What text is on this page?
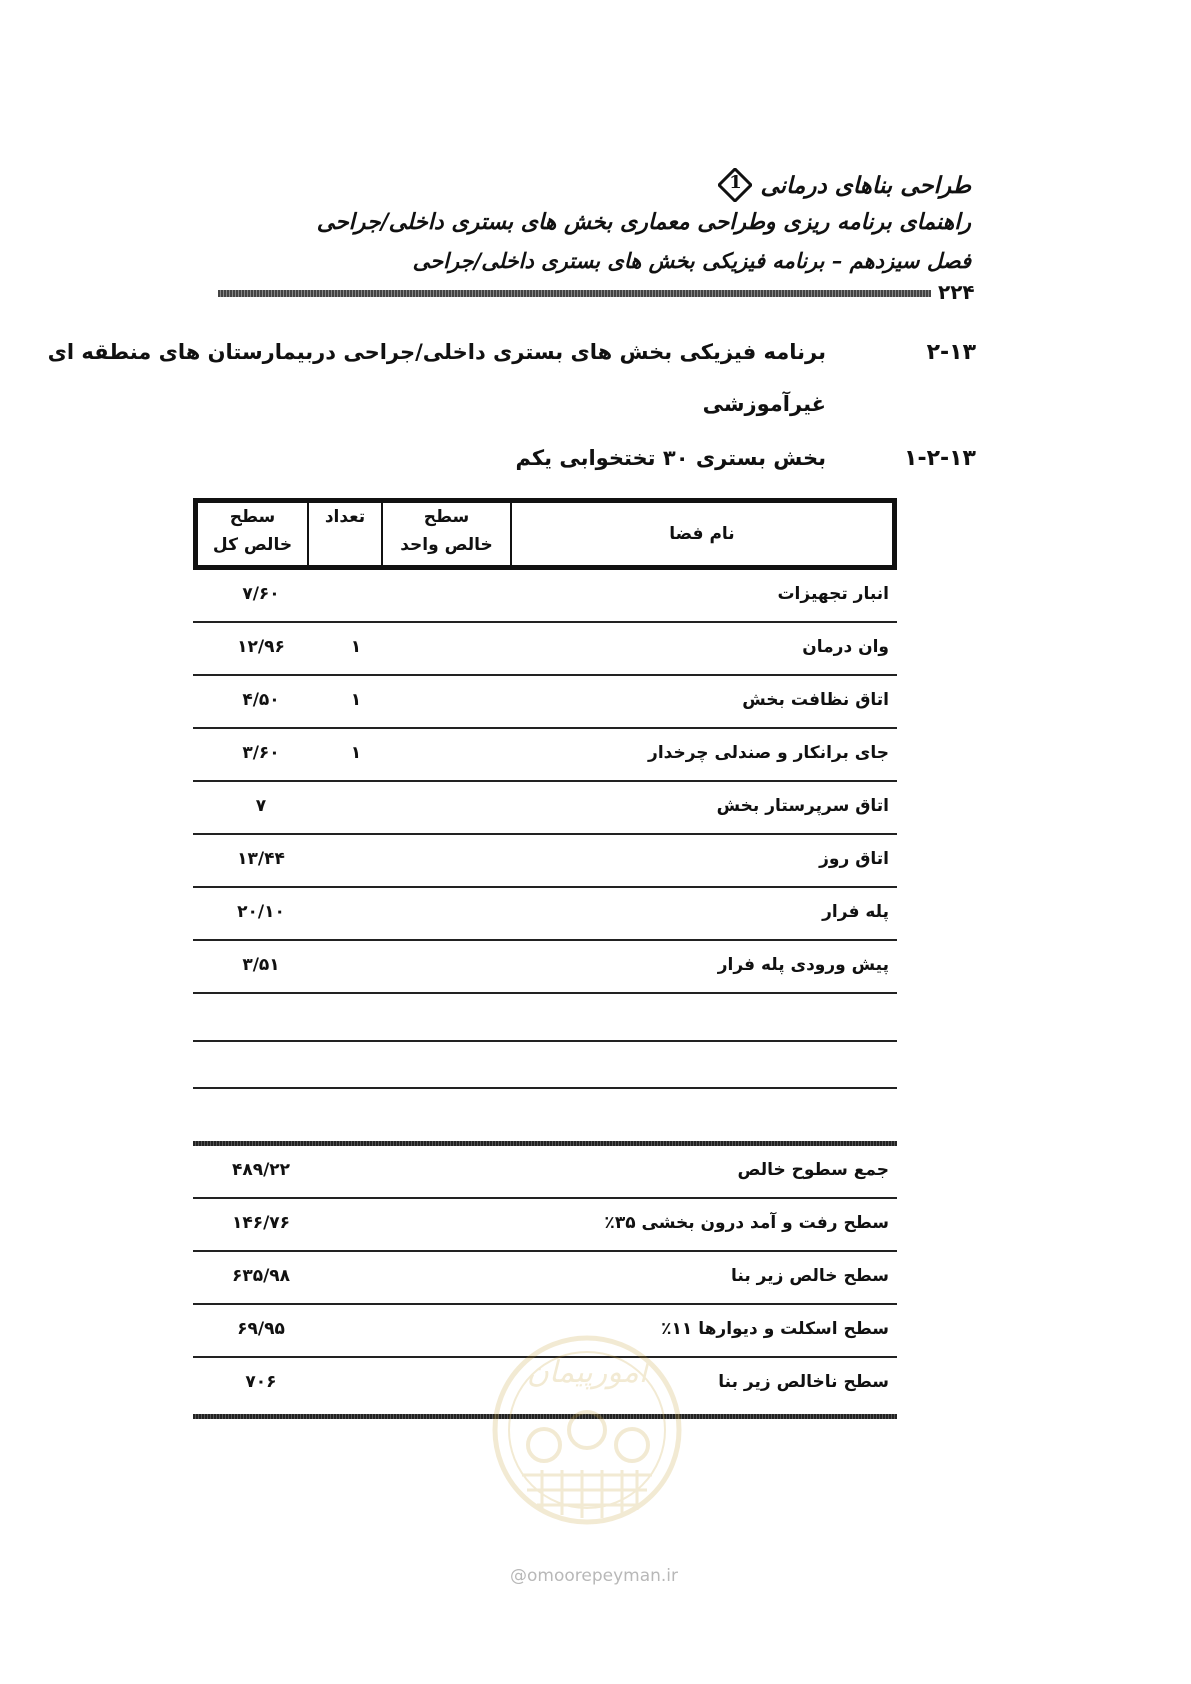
طراحی بناهای درمانی
1
راهنمای برنامه ریزی وطراحی معماری بخش های بستری داخلی/جراحی
فصل سیزدهم – برنامه فیزیکی بخش های بستری داخلی/جراحی
۲۲۴
۲-۱۳
برنامه فیزیکی بخش های بستری داخلی/جراحی دربیمارستان های منطقه ای
غیرآموزشی
۱-۲-۱۳
بخش بستری ۳۰ تختخوابی یکم
نام فضا
سطح
خالص واحد
تعداد
سطح
خالص کل
انبار تجهیزات
۷/۶۰
وان درمان
۱
۱۲/۹۶
اتاق نظافت بخش
۱
۴/۵۰
جای برانکار و صندلی چرخدار
۱
۳/۶۰
اتاق سرپرستار بخش
۷
اتاق روز
۱۳/۴۴
پله فرار
۲۰/۱۰
پیش ورودی پله فرار
۳/۵۱
جمع سطوح خالص
۴۸۹/۲۲
سطح رفت و آمد درون بخشی ۳۵٪
۱۴۶/۷۶
سطح خالص زیر بنا
۶۳۵/۹۸
سطح اسکلت و دیوارها ۱۱٪
۶۹/۹۵
سطح ناخالص زیر بنا
۷۰۶	امورپیمان
@omoorepeyman.ir
